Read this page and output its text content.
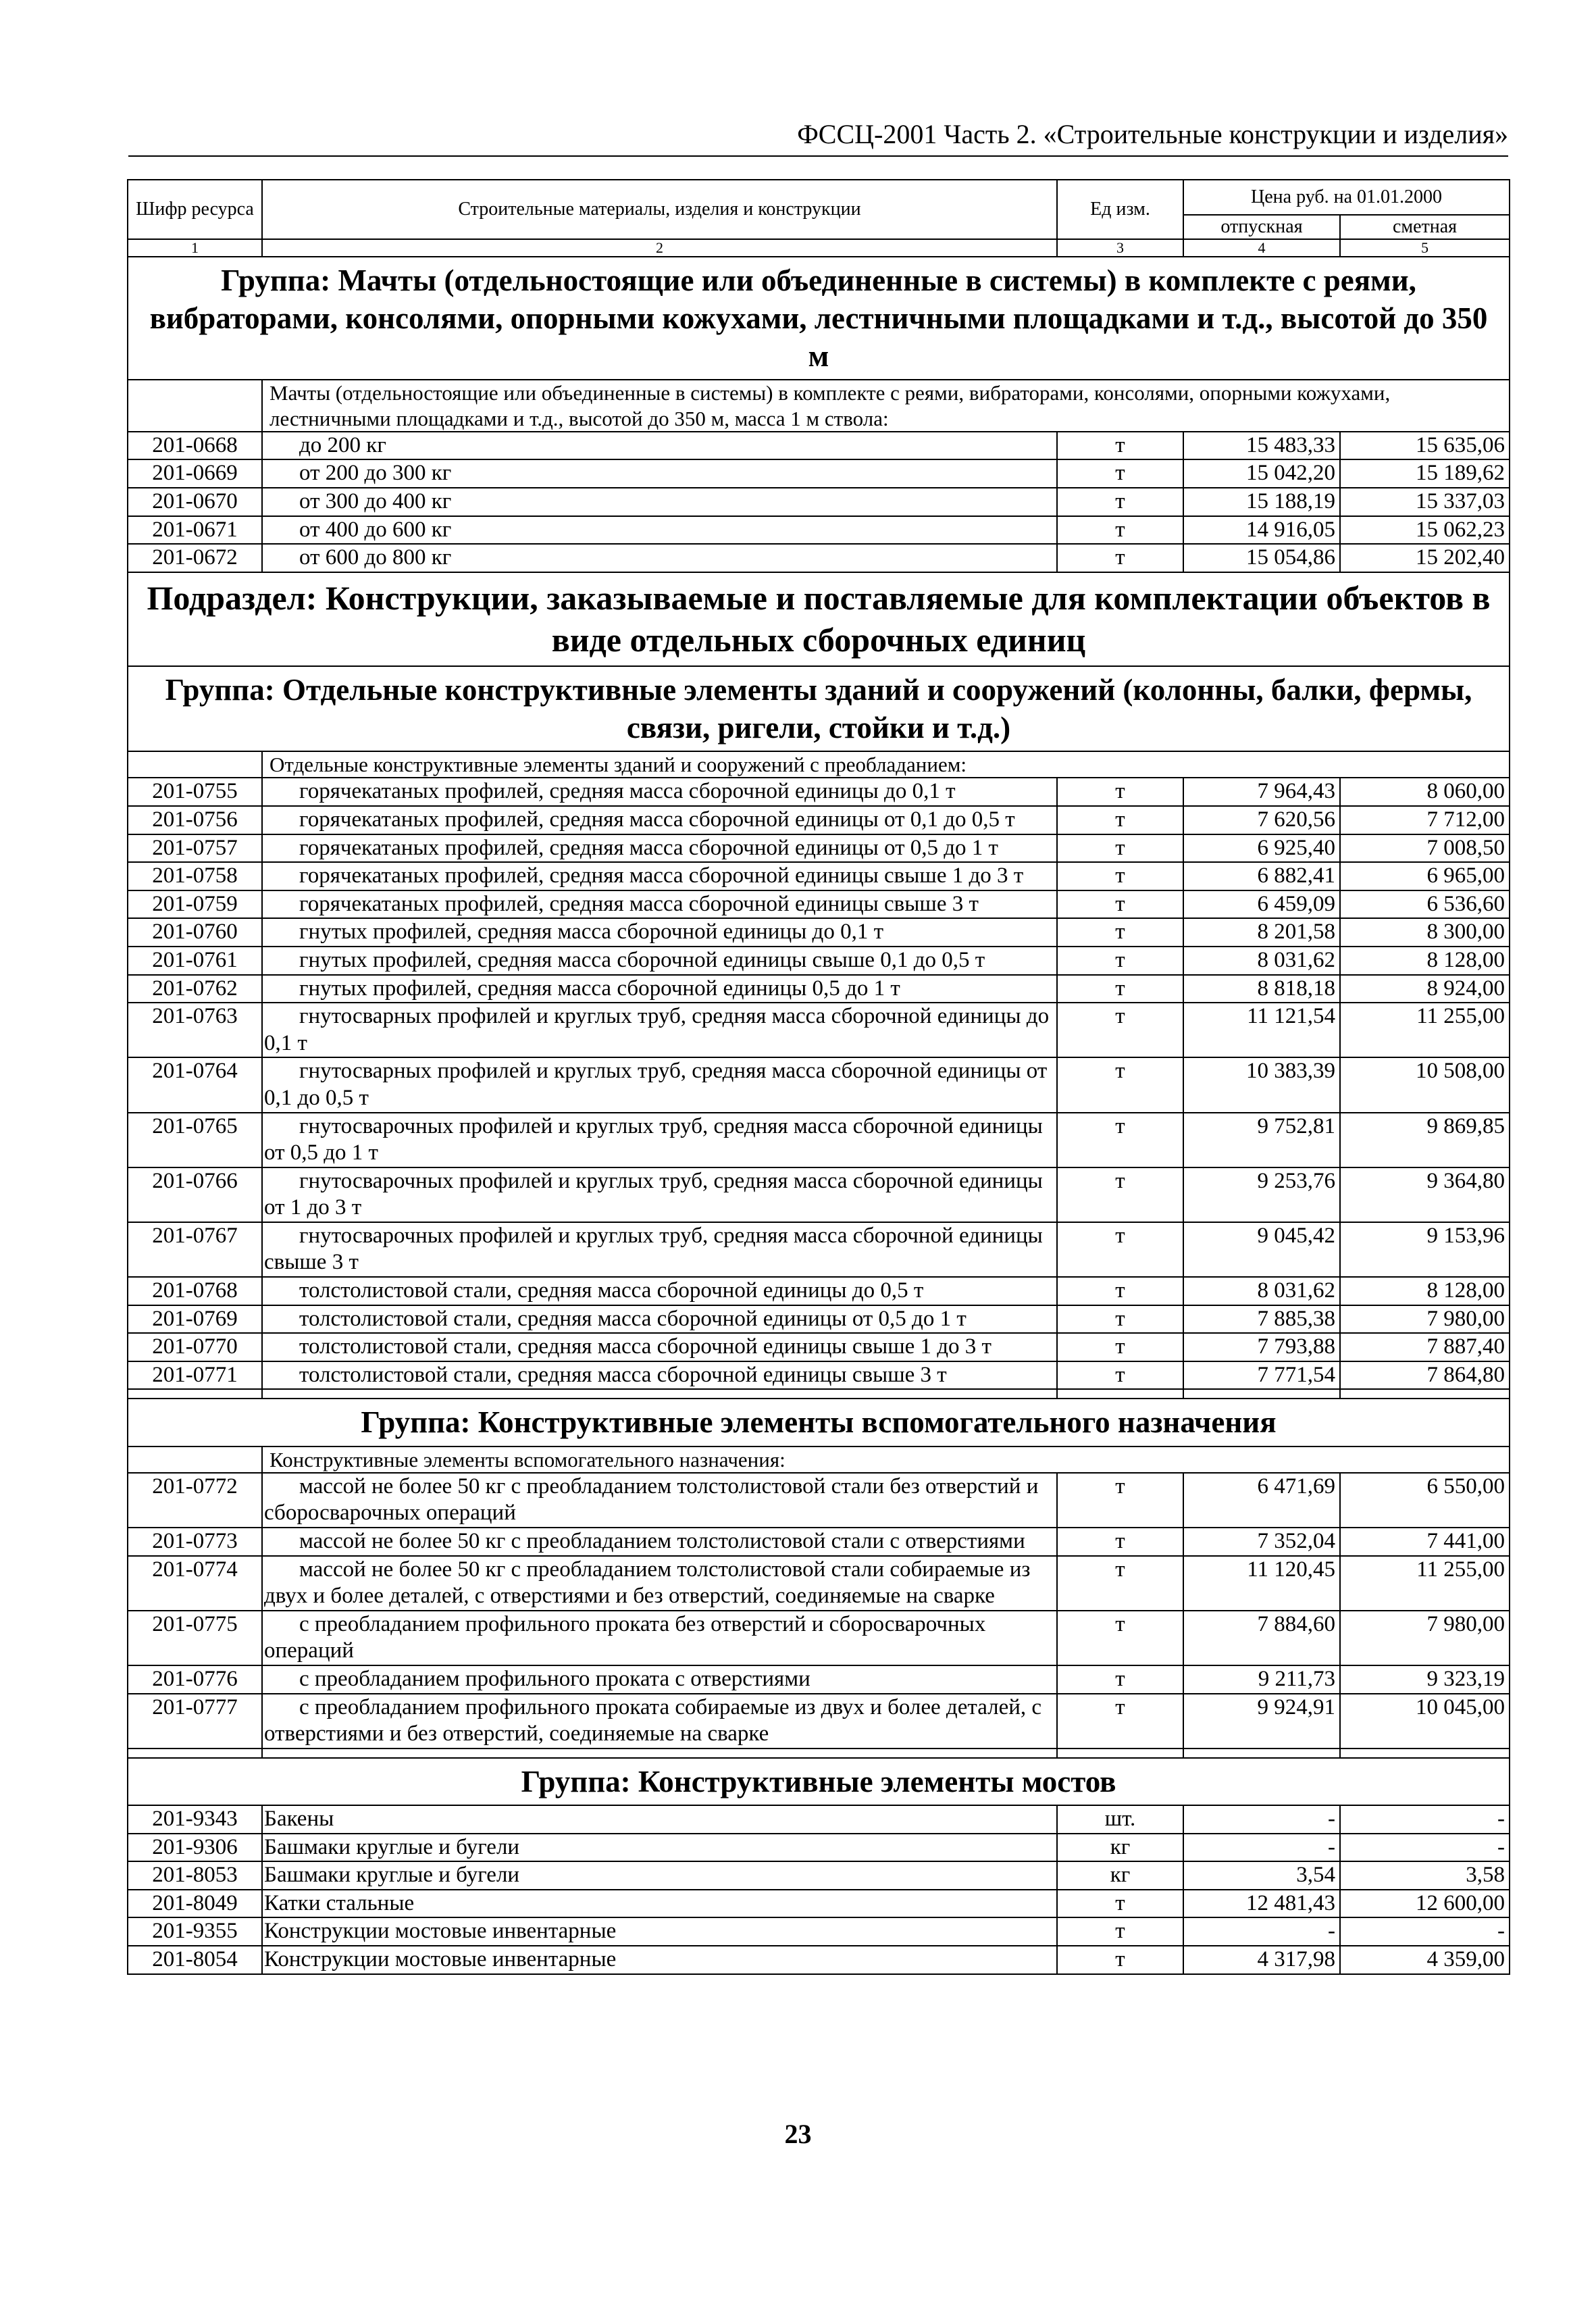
ФССЦ-2001 Часть 2. «Строительные конструкции и изделия»
Шифр ресурса	Строительные материалы, изделия и конструкции	Ед изм.	Цена руб. на 01.01.2000	
			отпускная	сметная
1	2	3	4	5
Группа: Мачты (отдельностоящие или объединенные в системы) в комплекте с реями, вибраторами, консолями, опорными кожухами, лестничными площадками и т.д., высотой до 350 м				
	Мачты (отдельностоящие или объединенные в системы) в комплекте с реями, вибраторами, консолями, опорными кожухами, лестничными площадками и т.д., высотой до 350 м, масса 1 м ствола:			
201-0668	до 200 кг	т	15 483,33	15 635,06
201-0669	от 200 до 300 кг	т	15 042,20	15 189,62
201-0670	от 300 до 400 кг	т	15 188,19	15 337,03
201-0671	от 400 до 600 кг	т	14 916,05	15 062,23
201-0672	от 600 до 800 кг	т	15 054,86	15 202,40
Подраздел: Конструкции, заказываемые и поставляемые для комплектации объектов в виде отдельных сборочных единиц				
Группа: Отдельные конструктивные элементы зданий и сооружений (колонны, балки, фермы, связи, ригели, стойки и т.д.)				
	Отдельные конструктивные элементы зданий и сооружений с преобладанием:			
201-0755	горячекатаных профилей, средняя масса сборочной единицы до 0,1 т	т	7 964,43	8 060,00
201-0756	горячекатаных профилей, средняя масса сборочной единицы от 0,1 до 0,5 т	т	7 620,56	7 712,00
201-0757	горячекатаных профилей, средняя масса сборочной единицы от 0,5 до 1 т	т	6 925,40	7 008,50
201-0758	горячекатаных профилей, средняя масса сборочной единицы свыше 1 до 3 т	т	6 882,41	6 965,00
201-0759	горячекатаных профилей, средняя масса сборочной единицы свыше 3 т	т	6 459,09	6 536,60
201-0760	гнутых профилей, средняя масса сборочной единицы до 0,1 т	т	8 201,58	8 300,00
201-0761	гнутых профилей, средняя масса сборочной единицы свыше 0,1 до 0,5 т	т	8 031,62	8 128,00
201-0762	гнутых профилей, средняя масса сборочной единицы 0,5 до 1 т	т	8 818,18	8 924,00
201-0763	гнутосварных профилей и круглых труб, средняя масса сборочной единицы до 0,1 т	т	11 121,54	11 255,00
201-0764	гнутосварных профилей и круглых труб, средняя масса сборочной единицы от 0,1 до 0,5 т	т	10 383,39	10 508,00
201-0765	гнутосварочных профилей и круглых труб, средняя масса сборочной единицы от 0,5 до 1 т	т	9 752,81	9 869,85
201-0766	гнутосварочных профилей и круглых труб, средняя масса сборочной единицы от 1 до 3 т	т	9 253,76	9 364,80
201-0767	гнутосварочных профилей и круглых труб, средняя масса сборочной единицы свыше 3 т	т	9 045,42	9 153,96
201-0768	толстолистовой стали, средняя масса сборочной единицы до 0,5 т	т	8 031,62	8 128,00
201-0769	толстолистовой стали, средняя масса сборочной единицы от 0,5 до 1 т	т	7 885,38	7 980,00
201-0770	толстолистовой стали, средняя масса сборочной единицы свыше 1 до 3 т	т	7 793,88	7 887,40
201-0771	толстолистовой стали, средняя масса сборочной единицы свыше 3 т	т	7 771,54	7 864,80

Группа: Конструктивные элементы вспомогательного назначения				
	Конструктивные элементы вспомогательного назначения:			
201-0772	массой не более 50 кг с преобладанием толстолистовой стали без отверстий и сборосварочных операций	т	6 471,69	6 550,00
201-0773	массой не более 50 кг с преобладанием толстолистовой стали с отверстиями	т	7 352,04	7 441,00
201-0774	массой не более 50 кг с преобладанием толстолистовой стали собираемые из двух и более деталей, с отверстиями и без отверстий, соединяемые на сварке	т	11 120,45	11 255,00
201-0775	с преобладанием профильного проката без отверстий и сборосварочных операций	т	7 884,60	7 980,00
201-0776	с преобладанием профильного проката с отверстиями	т	9 211,73	9 323,19
201-0777	с преобладанием профильного проката собираемые из двух и более деталей, с отверстиями и без отверстий, соединяемые на сварке	т	9 924,91	10 045,00

Группа: Конструктивные элементы мостов				
201-9343	Бакены	шт.	-	-
201-9306	Башмаки круглые и бугели	кг	-	-
201-8053	Башмаки круглые и бугели	кг	3,54	3,58
201-8049	Катки стальные	т	12 481,43	12 600,00
201-9355	Конструкции мостовые инвентарные	т	-	-
201-8054	Конструкции мостовые инвентарные	т	4 317,98	4 359,00
23
